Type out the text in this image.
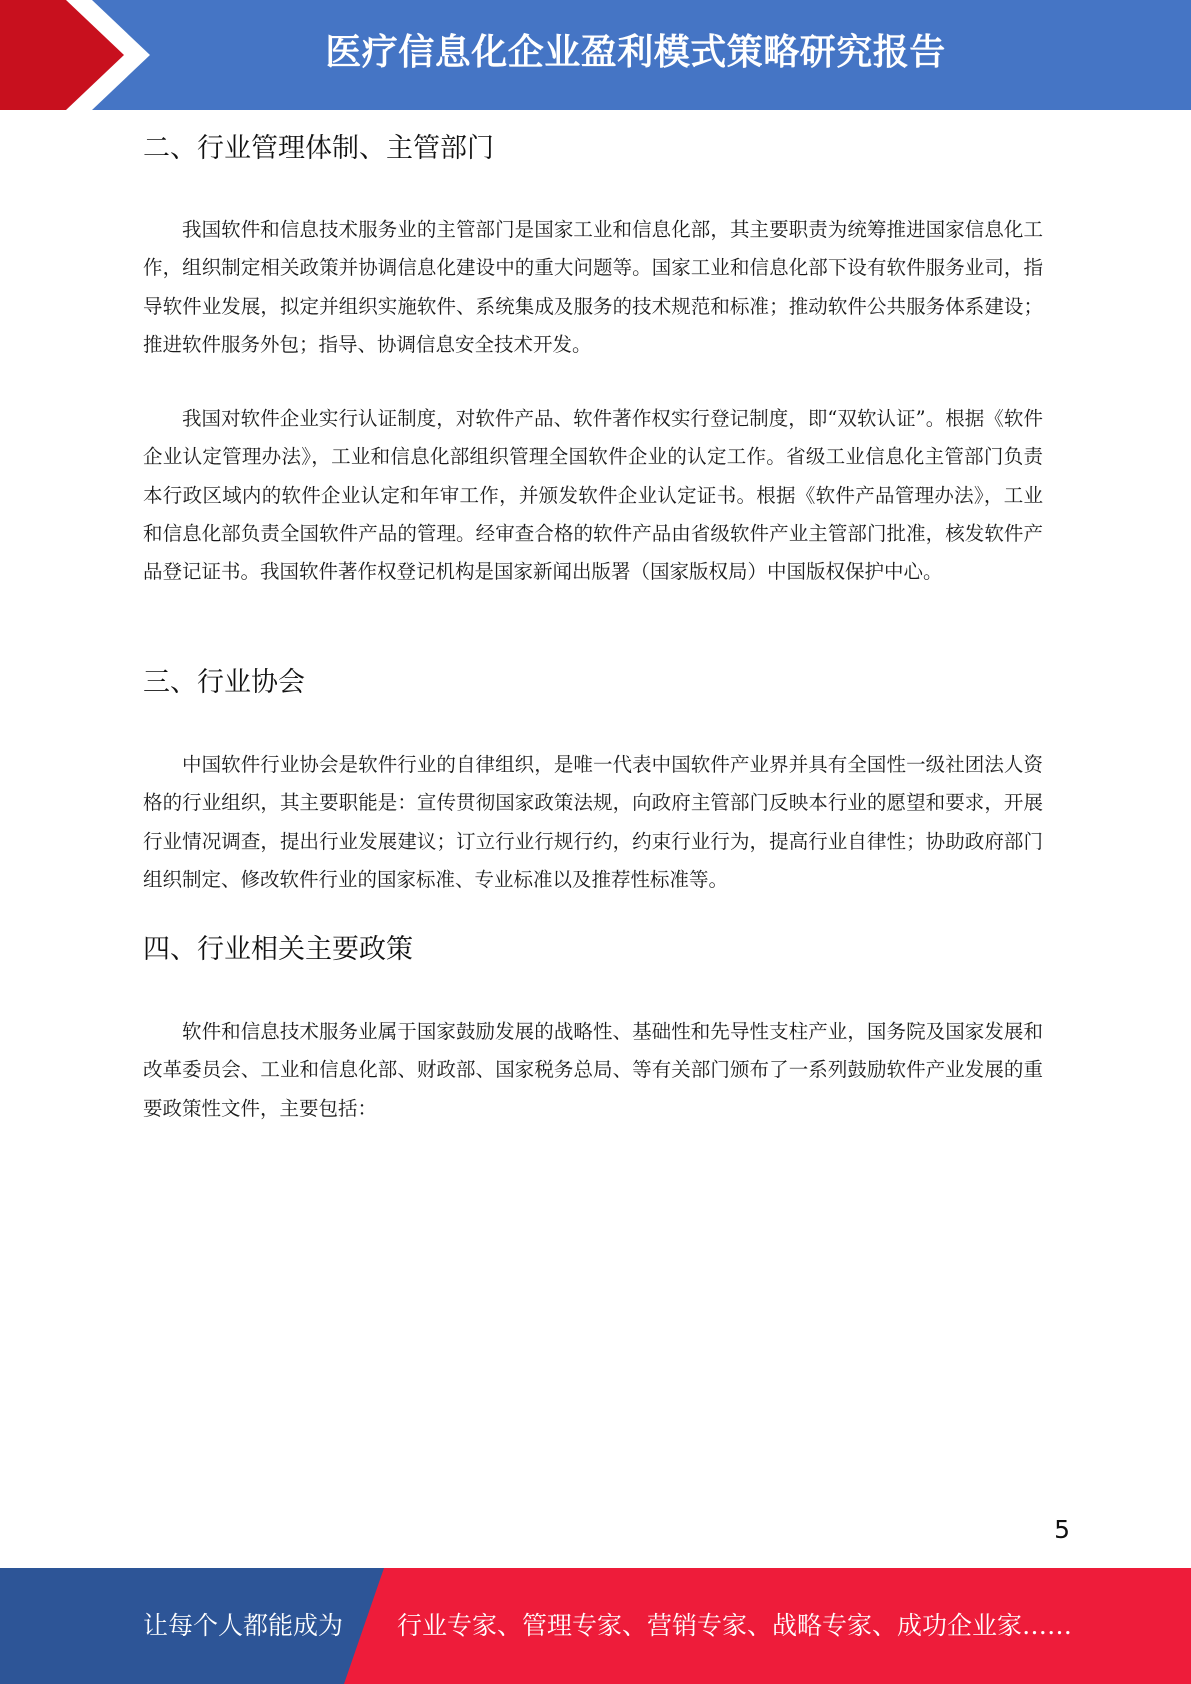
医疗信息化企业盈利模式策略研究报告
二、行业管理体制、主管部门

我国软件和信息技术服务业的主管部门是国家工业和信息化部，其主要职责为统筹推进国家信息化工作，组织制定相关政策并协调信息化建设中的重大问题等。国家工业和信息化部下设有软件服务业司，指导软件业发展，拟定并组织实施软件、系统集成及服务的技术规范和标准；推动软件公共服务体系建设；推进软件服务外包；指导、协调信息安全技术开发。

我国对软件企业实行认证制度，对软件产品、软件著作权实行登记制度，即“双软认证”。根据《软件企业认定管理办法》，工业和信息化部组织管理全国软件企业的认定工作。省级工业信息化主管部门负责本行政区域内的软件企业认定和年审工作，并颁发软件企业认定证书。根据《软件产品管理办法》，工业和信息化部负责全国软件产品的管理。经审查合格的软件产品由省级软件产业主管部门批准，核发软件产品登记证书。我国软件著作权登记机构是国家新闻出版署（国家版权局）中国版权保护中心。

三、行业协会

中国软件行业协会是软件行业的自律组织，是唯一代表中国软件产业界并具有全国性一级社团法人资格的行业组织，其主要职能是：宣传贯彻国家政策法规，向政府主管部门反映本行业的愿望和要求，开展行业情况调查，提出行业发展建议；订立行业行规行约，约束行业行为，提高行业自律性；协助政府部门组织制定、修改软件行业的国家标准、专业标准以及推荐性标准等。

四、行业相关主要政策

软件和信息技术服务业属于国家鼓励发展的战略性、基础性和先导性支柱产业，国务院及国家发展和改革委员会、工业和信息化部、财政部、国家税务总局、等有关部门颁布了一系列鼓励软件产业发展的重要政策性文件，主要包括：

5
让每个人都能成为 行业专家、管理专家、营销专家、战略专家、成功企业家……
